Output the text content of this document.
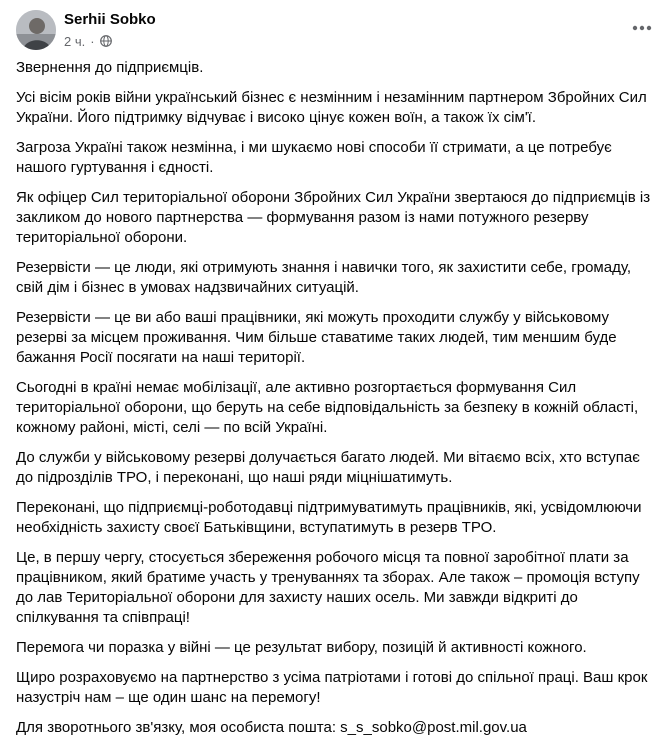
Serhii Sobko
2 ч. ·

Звернення до підприємців.

Усі вісім років війни український бізнес є незмінним і незамінним партнером Збройних Сил України. Його підтримку відчуває і високо цінує кожен воїн, а також їх сім'ї.

Загроза Україні також незмінна, і ми шукаємо нові способи її стримати, а це потребує нашого гуртування і єдності.

Як офіцер Сил територіальної оборони Збройних Сил України звертаюся до підприємців із закликом до нового партнерства — формування разом із нами потужного резерву територіальної оборони.

Резервісти — це люди, які отримують знання і навички того, як захистити себе, громаду, свій дім і бізнес в умовах надзвичайних ситуацій.

Резервісти — це ви або ваші працівники, які можуть проходити службу у військовому резерві за місцем проживання. Чим більше ставатиме таких людей, тим меншим буде бажання Росії посягати на наші території.

Сьогодні в країні немає мобілізації, але активно розгортається формування Сил територіальної оборони, що беруть на себе відповідальність за безпеку в кожній області, кожному районі, місті, селі — по всій Україні.

До служби у військовому резерві долучається багато людей. Ми вітаємо всіх, хто вступає до підрозділів ТРО, і переконані, що наші ряди міцнішатимуть.

Переконані, що підприємці-роботодавці підтримуватимуть працівників, які, усвідомлюючи необхідність захисту своєї Батьківщини, вступатимуть в резерв ТРО.

Це, в першу чергу, стосується збереження робочого місця та повної заробітної плати за працівником, який братиме участь у тренуваннях та зборах. Але також – промоція вступу до лав Територіальної оборони для захисту наших осель. Ми завжди відкриті до спілкування та співпраці!

Перемога чи поразка у війні — це результат вибору, позицій й активності кожного.

Щиро розраховуємо на партнерство з усіма патріотами і готові до спільної праці. Ваш крок назустріч нам – ще один шанс на перемогу!

Для зворотнього зв'язку, моя особиста пошта: s_s_sobko@post.mil.gov.ua
